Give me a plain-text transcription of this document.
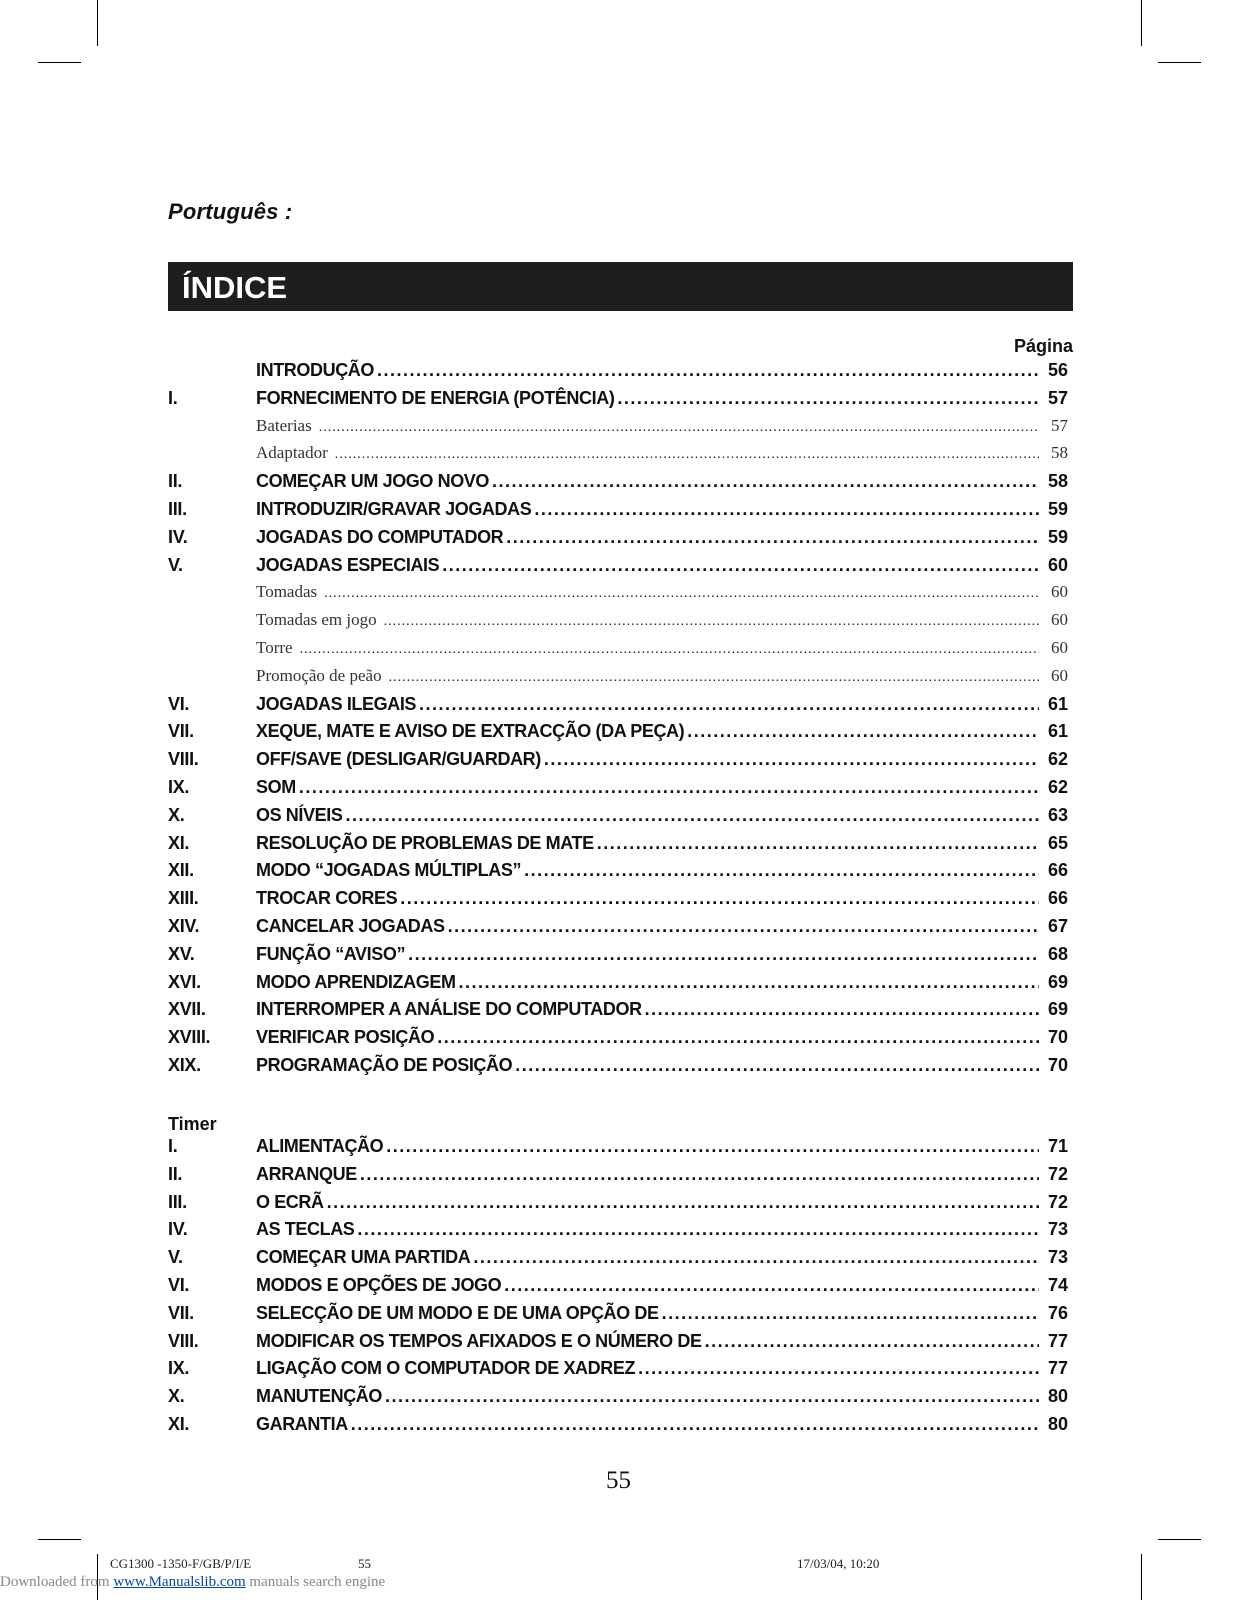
Português :
ÍNDICE
Página
INTRODUÇÃO .....	56
I.	FORNECIMENTO DE ENERGIA (POTÊNCIA) .....	57
Baterias .....	57
Adaptador .....	58
II.	COMEÇAR UM JOGO NOVO .....	58
III.	INTRODUZIR/GRAVAR JOGADAS .....	59
IV.	JOGADAS DO COMPUTADOR .....	59
V.	JOGADAS ESPECIAIS .....	60
Tomadas .....	60
Tomadas em jogo .....	60
Torre .....	60
Promoção de peão .....	60
VI.	JOGADAS ILEGAIS .....	61
VII.	XEQUE, MATE E AVISO DE EXTRACÇÃO (DA PEÇA) .....	61
VIII.	OFF/SAVE (DESLIGAR/GUARDAR) .....	62
IX.	SOM .....	62
X.	OS NÍVEIS .....	63
XI.	RESOLUÇÃO DE PROBLEMAS DE MATE .....	65
XII.	MODO “JOGADAS MÚLTIPLAS” .....	66
XIII.	TROCAR CORES .....	66
XIV.	CANCELAR JOGADAS .....	67
XV.	FUNÇÃO “AVISO” .....	68
XVI.	MODO APRENDIZAGEM .....	69
XVII.	INTERROMPER A ANÁLISE DO COMPUTADOR .....	69
XVIII.	VERIFICAR POSIÇÃO .....	70
XIX.	PROGRAMAÇÃO DE POSIÇÃO .....	70
Timer
I.	ALIMENTAÇÃO .....	71
II.	ARRANQUE .....	72
III.	O ECRÃ .....	72
IV.	AS TECLAS .....	73
V.	COMEÇAR UMA PARTIDA .....	73
VI.	MODOS E OPÇÕES DE JOGO .....	74
VII.	SELECÇÃO DE UM MODO E DE UMA OPÇÃO DE .....	76
VIII.	MODIFICAR OS TEMPOS AFIXADOS E O NÚMERO DE .....	77
IX.	LIGAÇÃO COM O COMPUTADOR DE XADREZ .....	77
X.	MANUTENÇÃO .....	80
XI.	GARANTIA .....	80
55
CG1300 -1350-F/GB/P/I/E	55	17/03/04, 10:20
Downloaded from www.Manualslib.com manuals search engine
